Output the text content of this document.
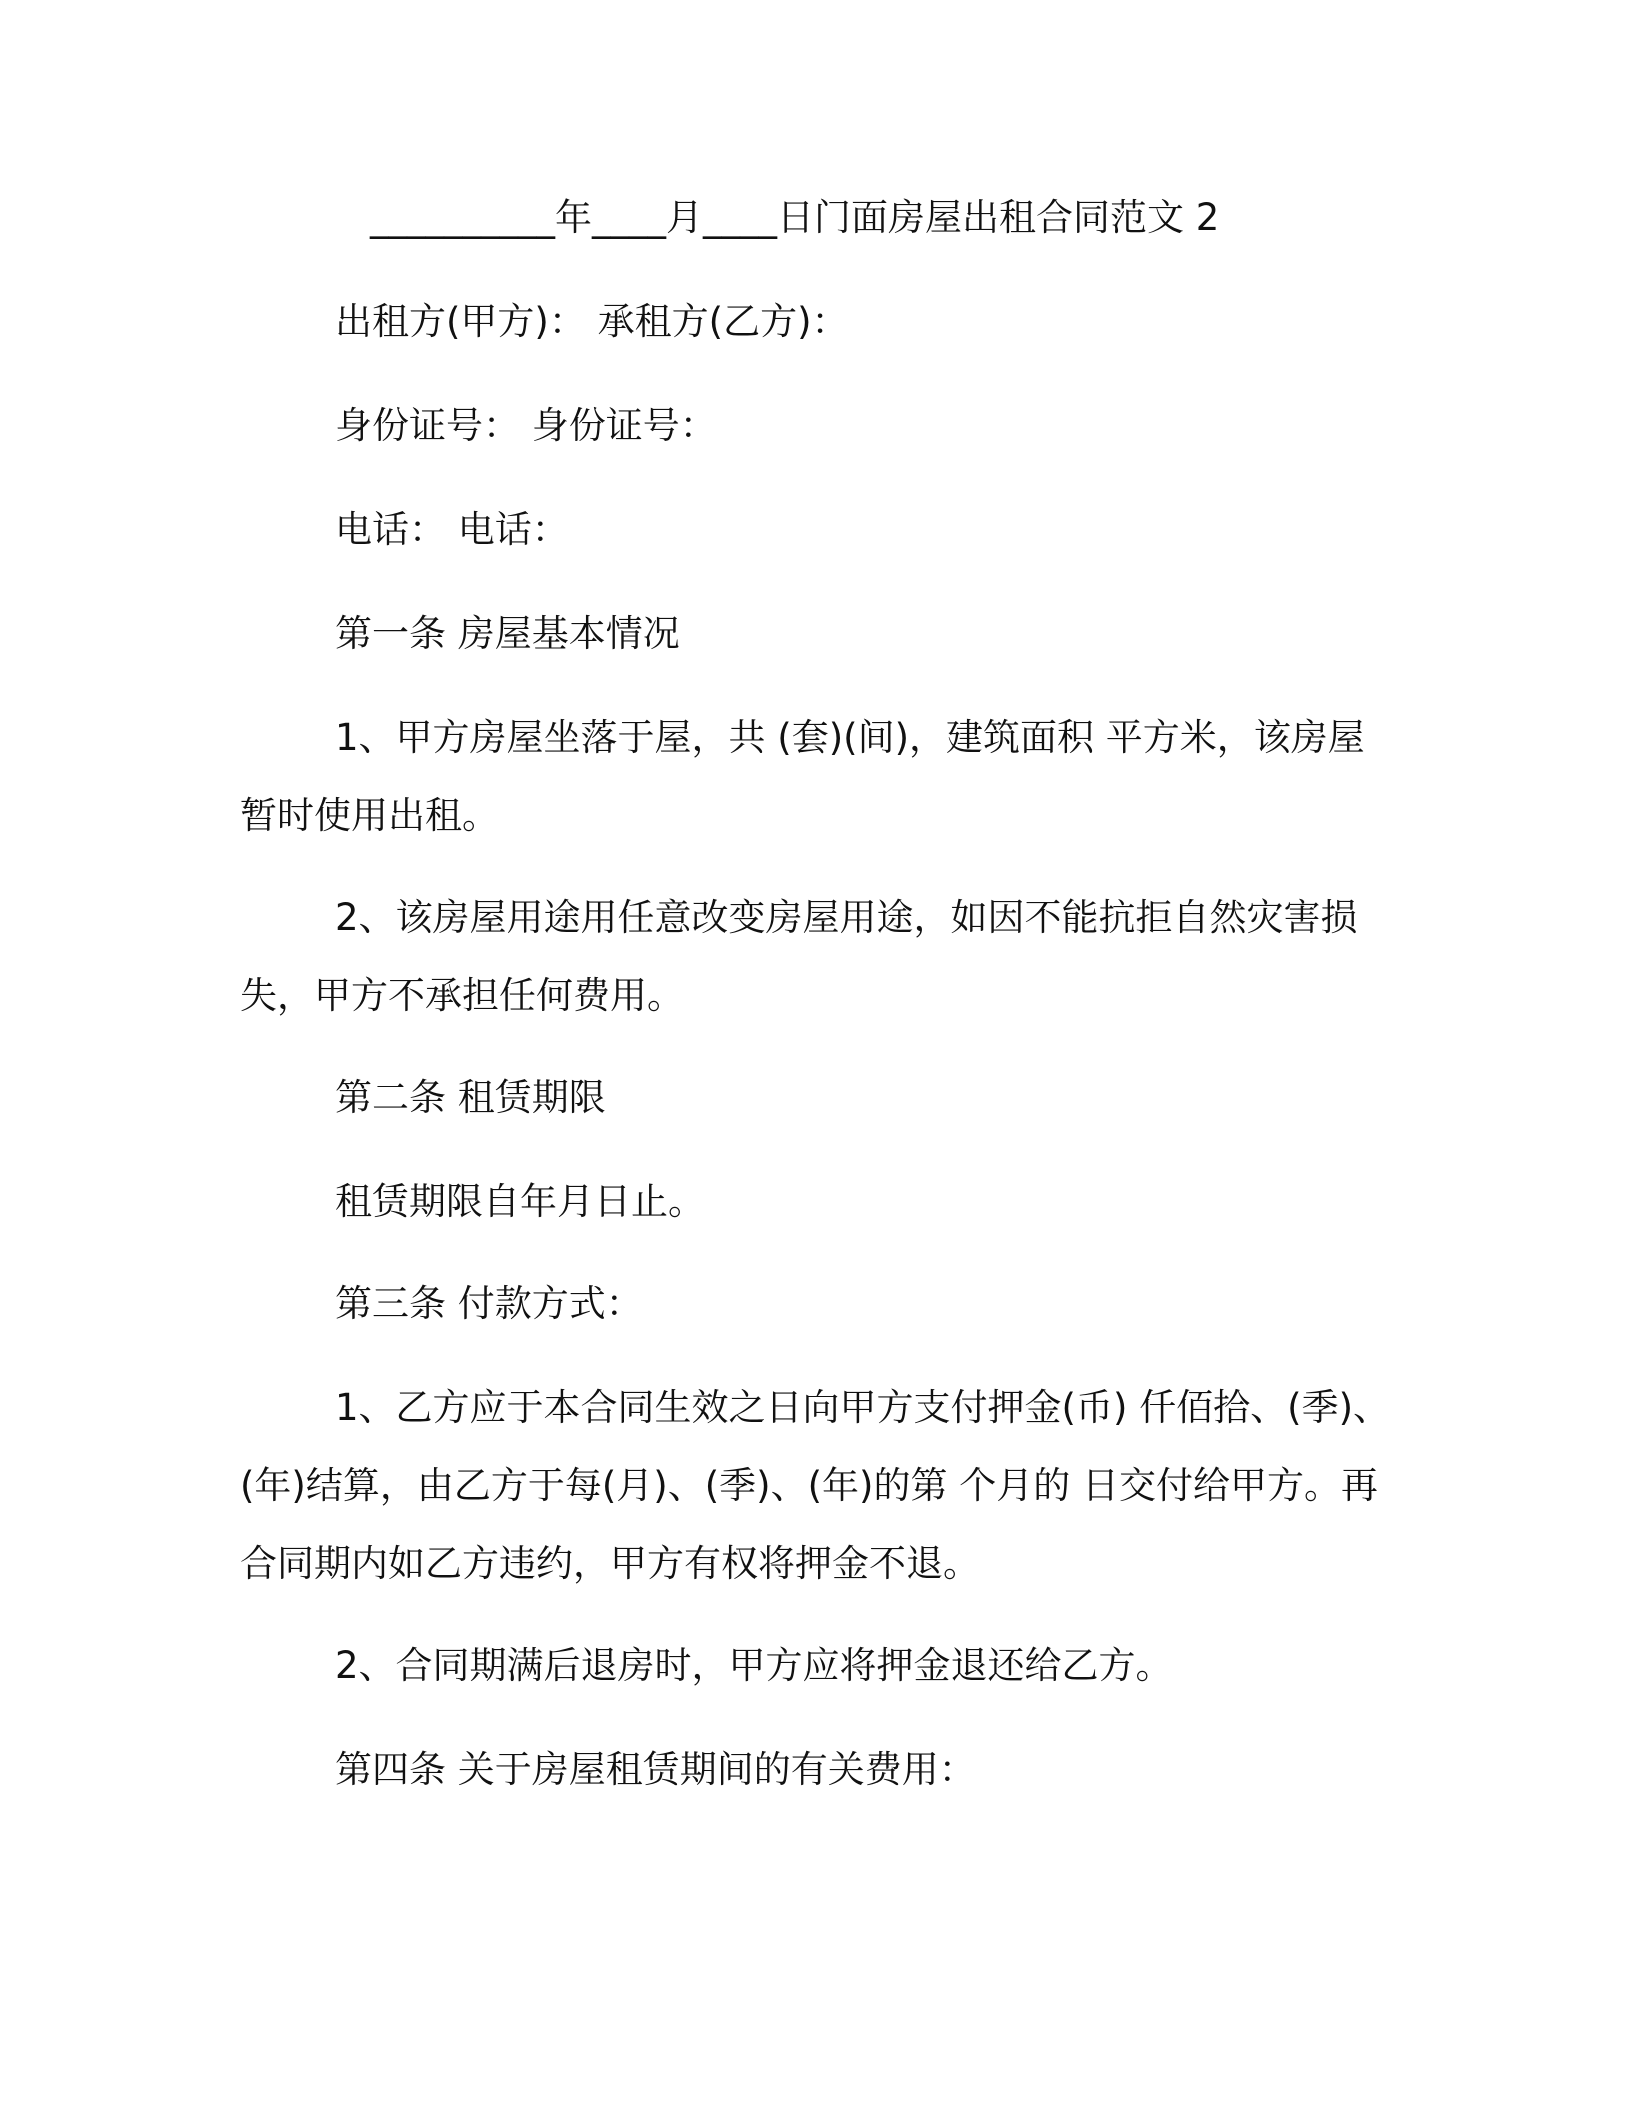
__________年____月____日门面房屋出租合同范文 2
出租方(甲方)： 承租方(乙方)：
身份证号： 身份证号：
电话： 电话：
第一条 房屋基本情况
1、甲方房屋坐落于屋，共 (套)(间)，建筑面积 平方米，该房屋
暂时使用出租。
2、该房屋用途用任意改变房屋用途，如因不能抗拒自然灾害损
失，甲方不承担任何费用。
第二条 租赁期限
租赁期限自年月日止。
第三条 付款方式：
1、乙方应于本合同生效之日向甲方支付押金(币) 仟佰拾、(季)、
(年)结算，由乙方于每(月)、(季)、(年)的第 个月的 日交付给甲方。再
合同期内如乙方违约，甲方有权将押金不退。
2、合同期满后退房时，甲方应将押金退还给乙方。
第四条 关于房屋租赁期间的有关费用：
